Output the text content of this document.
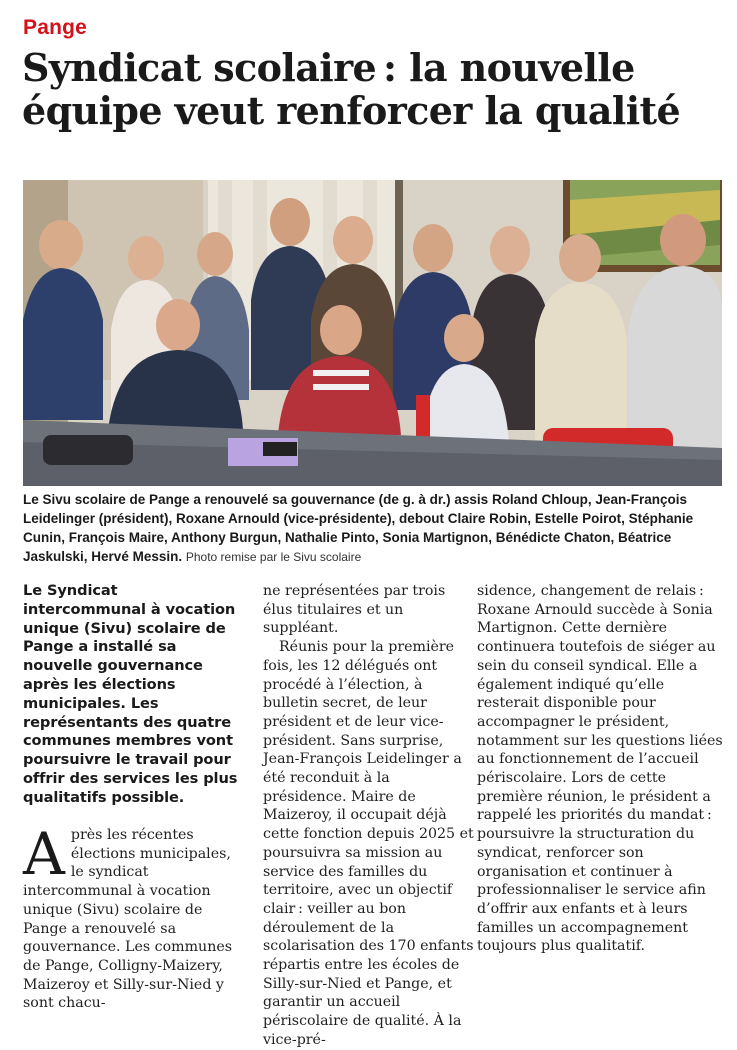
Pange
Syndicat scolaire : la nouvelle
équipe veut renforcer la qualité
Le Sivu scolaire de Pange a renouvelé sa gouvernance (de g. à dr.) assis Roland Chloup, Jean-François Leidelinger (président), Roxane Arnould (vice-présidente), debout Claire Robin, Estelle Poirot, Stéphanie Cunin, François Maire, Anthony Burgun, Nathalie Pinto, Sonia Martignon, Bénédicte Chaton, Béatrice Jaskulski, Hervé Messin. Photo remise par le Sivu scolaire

Le Syndicat intercommunal à vocation unique (Sivu) scolaire de Pange a installé sa nouvelle gouvernance après les élections municipales. Les représentants des quatre communes membres vont poursuivre le travail pour offrir des services les plus qualitatifs possible.

A près les récentes élections municipales, le syndicat intercommunal à vocation unique (Sivu) scolaire de Pange a renouvelé sa gouvernance. Les communes de Pange, Colligny-Maizery, Maizeroy et Silly-sur-Nied y sont chacu-

ne représentées par trois élus titulaires et un suppléant.

Réunis pour la première fois, les 12 délégués ont procédé à l’élection, à bulletin secret, de leur président et de leur vice-président. Sans surprise, Jean-François Leidelinger a été reconduit à la présidence. Maire de Maizeroy, il occupait déjà cette fonction depuis 2025 et poursuivra sa mission au service des familles du territoire, avec un objectif clair : veiller au bon déroulement de la scolarisation des 170 enfants répartis entre les écoles de Silly-sur-Nied et Pange, et garantir un accueil périscolaire de qualité. À la vice-pré-

sidence, changement de relais : Roxane Arnould succède à Sonia Martignon. Cette dernière continuera toutefois de siéger au sein du conseil syndical. Elle a également indiqué qu’elle resterait disponible pour accompagner le président, notamment sur les questions liées au fonctionnement de l’accueil périscolaire. Lors de cette première réunion, le président a rappelé les priorités du mandat : poursuivre la structuration du syndicat, renforcer son organisation et continuer à professionnaliser le service afin d’offrir aux enfants et à leurs familles un accompagnement toujours plus qualitatif.
